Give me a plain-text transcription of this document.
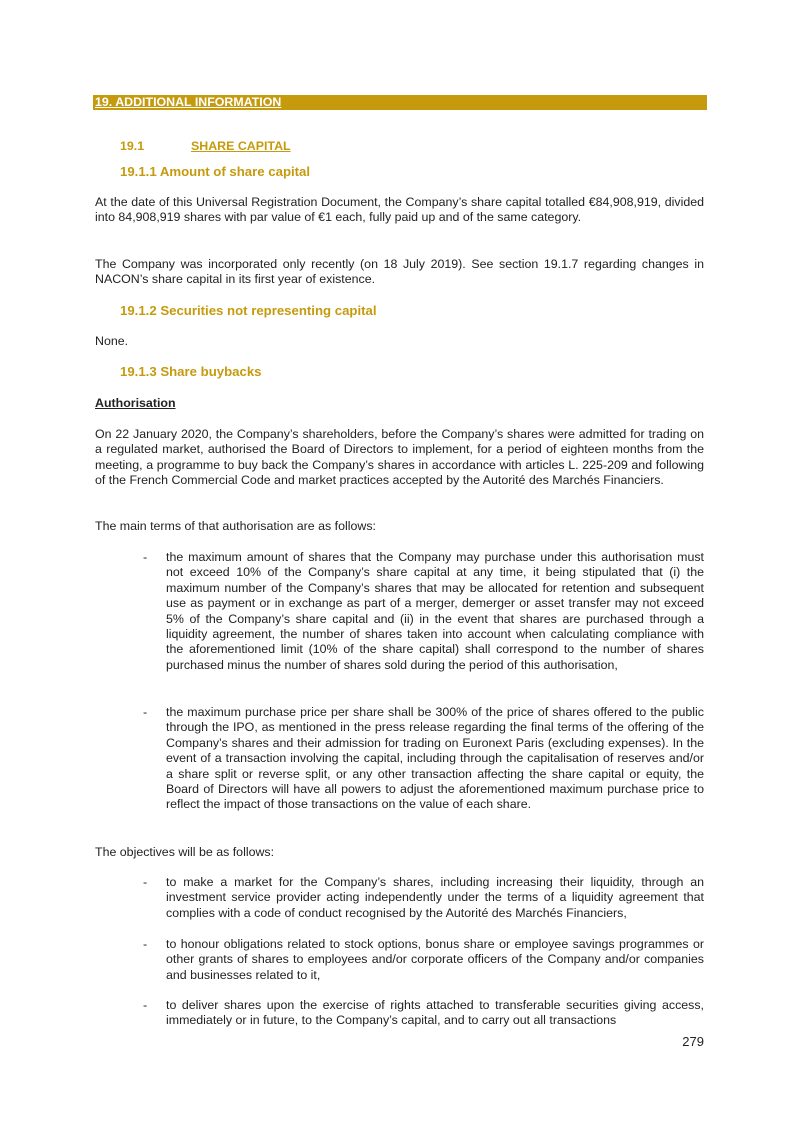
19. ADDITIONAL INFORMATION
19.1	SHARE CAPITAL
19.1.1 Amount of share capital

At the date of this Universal Registration Document, the Company’s share capital totalled €84,908,919, divided into 84,908,919 shares with par value of €1 each, fully paid up and of the same category.

The Company was incorporated only recently (on 18 July 2019). See section 19.1.7 regarding changes in NACON’s share capital in its first year of existence.

19.1.2 Securities not representing capital

None.

19.1.3 Share buybacks
Authorisation

On 22 January 2020, the Company’s shareholders, before the Company’s shares were admitted for trading on a regulated market, authorised the Board of Directors to implement, for a period of eighteen months from the meeting, a programme to buy back the Company’s shares in accordance with articles L. 225-209 and following of the French Commercial Code and market practices accepted by the Autorité des Marchés Financiers.

The main terms of that authorisation are as follows:

- the maximum amount of shares that the Company may purchase under this authorisation must not exceed 10% of the Company’s share capital at any time, it being stipulated that (i) the maximum number of the Company’s shares that may be allocated for retention and subsequent use as payment or in exchange as part of a merger, demerger or asset transfer may not exceed 5% of the Company’s share capital and (ii) in the event that shares are purchased through a liquidity agreement, the number of shares taken into account when calculating compliance with the aforementioned limit (10% of the share capital) shall correspond to the number of shares purchased minus the number of shares sold during the period of this authorisation,
- the maximum purchase price per share shall be 300% of the price of shares offered to the public through the IPO, as mentioned in the press release regarding the final terms of the offering of the Company’s shares and their admission for trading on Euronext Paris (excluding expenses). In the event of a transaction involving the capital, including through the capitalisation of reserves and/or a share split or reverse split, or any other transaction affecting the share capital or equity, the Board of Directors will have all powers to adjust the aforementioned maximum purchase price to reflect the impact of those transactions on the value of each share.

The objectives will be as follows:

- to make a market for the Company’s shares, including increasing their liquidity, through an investment service provider acting independently under the terms of a liquidity agreement that complies with a code of conduct recognised by the Autorité des Marchés Financiers,
- to honour obligations related to stock options, bonus share or employee savings programmes or other grants of shares to employees and/or corporate officers of the Company and/or companies and businesses related to it,
- to deliver shares upon the exercise of rights attached to transferable securities giving access, immediately or in future, to the Company’s capital, and to carry out all transactions
279
